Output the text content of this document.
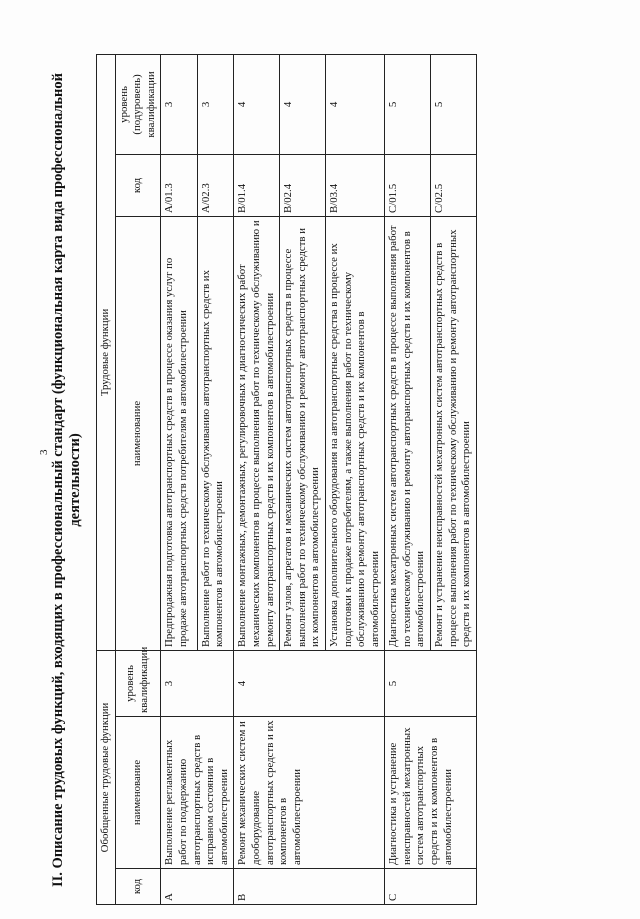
3 II. Описание трудовых функций, входящих в профессиональный стандарт (функциональная карта вида профессиональной деятельности)
Обобщенные трудовые функции			Трудовые функции		
код	наименование	уровень квалификации	наименование	код	уровень (подуровень) квалификации
A	Выполнение регламентных работ по поддержанию автотранспортных средств в исправном состоянии в автомобилестроении	3	Предпродажная подготовка автотранспортных средств в процессе оказания услуг по продаже автотранспортных средств потребителям в автомобилестроении	A/01.3	3
			Выполнение работ по техническому обслуживанию автотранспортных средств их компонентов в автомобилестроении	A/02.3	3
B	Ремонт механических систем и дооборудование автотранспортных средств и их компонентов в автомобилестроении	4	Выполнение монтажных, демонтажных, регулировочных и диагностических работ механических компонентов в процессе выполнения работ по техническому обслуживанию и ремонту автотранспортных средств и их компонентов в автомобилестроении	B/01.4	4
			Ремонт узлов, агрегатов и механических систем автотранспортных средств в процессе выполнения работ по техническому обслуживанию и ремонту автотранспортных средств и их компонентов в автомобилестроении	B/02.4	4
			Установка дополнительного оборудования на автотранспортные средства в процессе их подготовки к продаже потребителям, а также выполнения работ по техническому обслуживанию и ремонту автотранспортных средств и их компонентов в автомобилестроении	B/03.4	4
C	Диагностика и устранение неисправностей мехатронных систем автотранспортных средств и их компонентов в автомобилестроении	5	Диагностика мехатронных систем автотранспортных средств в процессе выполнения работ по техническому обслуживанию и ремонту автотранспортных средств и их компонентов в автомобилестроении	C/01.5	5
			Ремонт и устранение неисправностей мехатронных систем автотранспортных средств в процессе выполнения работ по техническому обслуживанию и ремонту автотранспортных средств и их компонентов в автомобилестроении	C/02.5	5
